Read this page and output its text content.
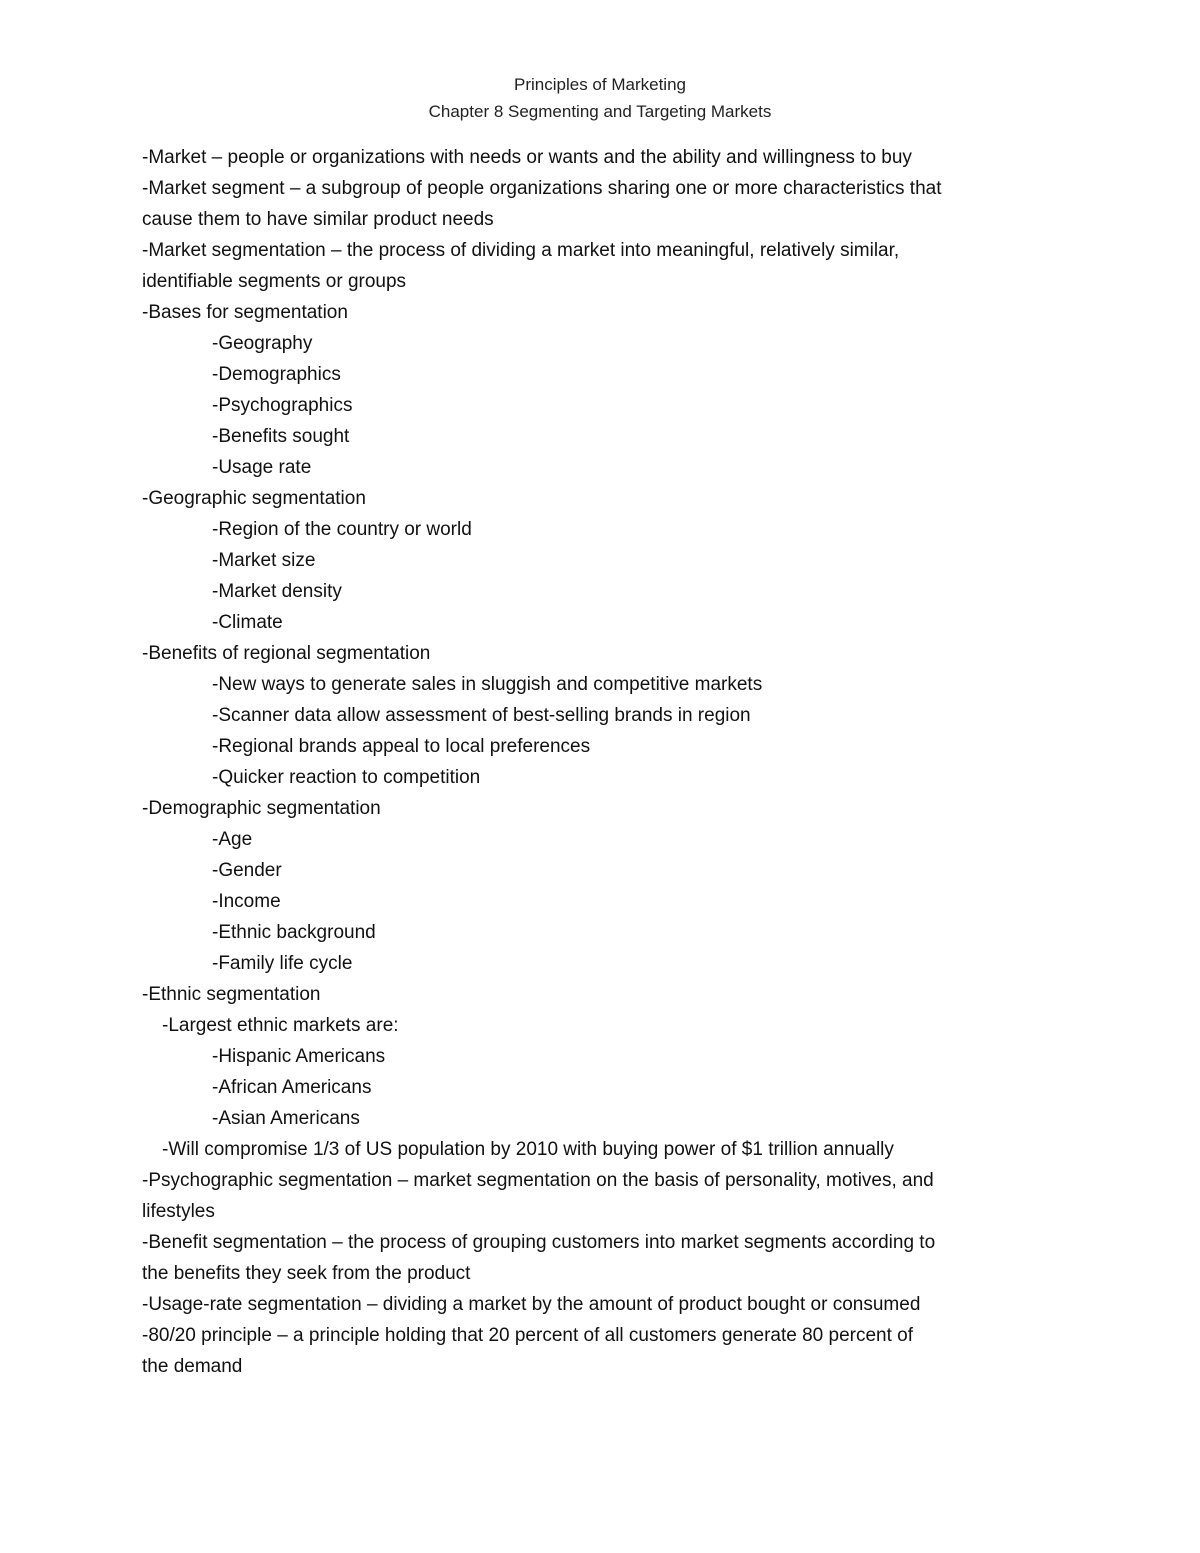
Principles of Marketing
Chapter 8 Segmenting and Targeting Markets
-Market – people or organizations with needs or wants and the ability and willingness to buy
-Market segment – a subgroup of people organizations sharing one or more characteristics that
cause them to have similar product needs
-Market segmentation – the process of dividing a market into meaningful, relatively similar,
identifiable segments or groups
-Bases for segmentation
-Geography
-Demographics
-Psychographics
-Benefits sought
-Usage rate
-Geographic segmentation
-Region of the country or world
-Market size
-Market density
-Climate
-Benefits of regional segmentation
-New ways to generate sales in sluggish and competitive markets
-Scanner data allow assessment of best-selling brands in region
-Regional brands appeal to local preferences
-Quicker reaction to competition
-Demographic segmentation
-Age
-Gender
-Income
-Ethnic background
-Family life cycle
-Ethnic segmentation
-Largest ethnic markets are:
-Hispanic Americans
-African Americans
-Asian Americans
-Will compromise 1/3 of US population by 2010 with buying power of $1 trillion annually
-Psychographic segmentation – market segmentation on the basis of personality, motives, and
lifestyles
-Benefit segmentation – the process of grouping customers into market segments according to
the benefits they seek from the product
-Usage-rate segmentation – dividing a market by the amount of product bought or consumed
-80/20 principle – a principle holding that 20 percent of all customers generate 80 percent of
the demand
